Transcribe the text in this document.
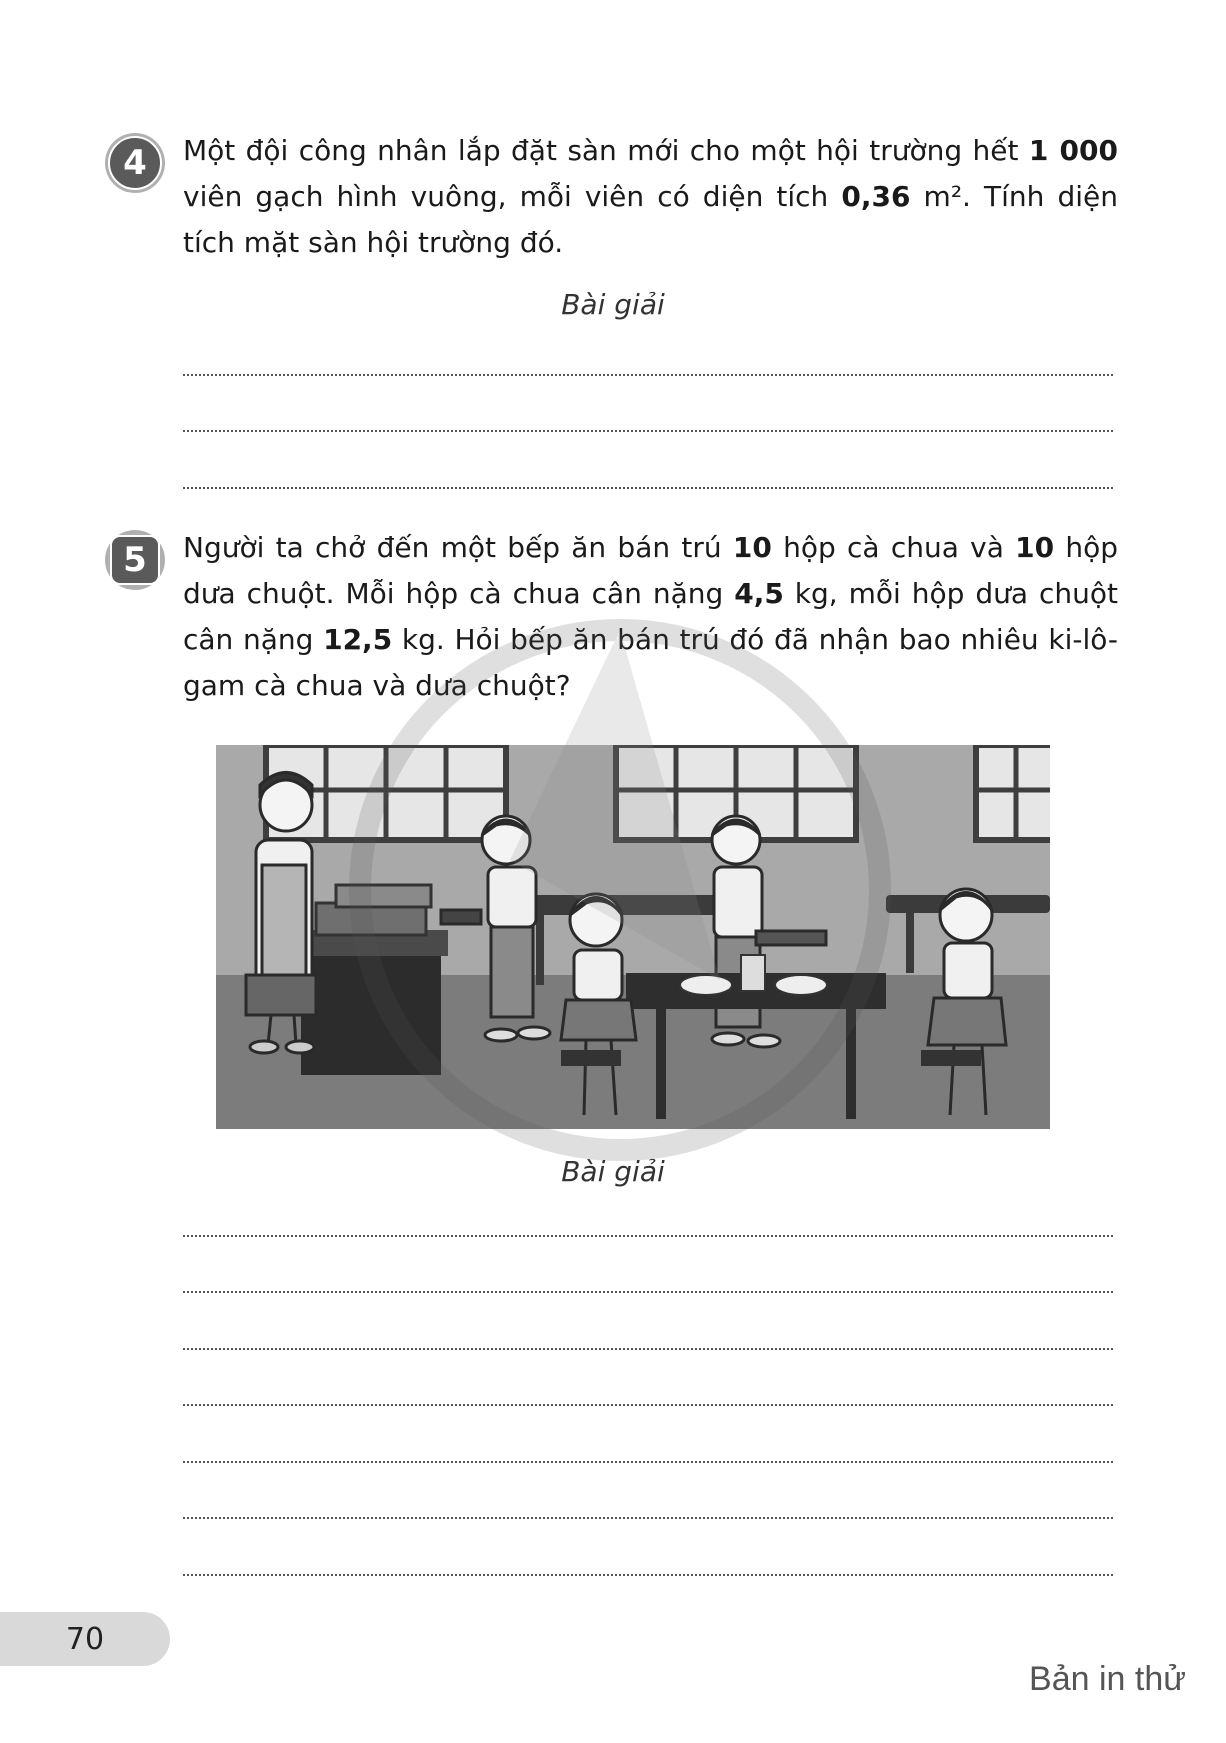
4	Một đội công nhân lắp đặt sàn mới cho một hội trường hết 1 000 viên gạch hình vuông, mỗi viên có diện tích 0,36 m². Tính diện tích mặt sàn hội trường đó.
Bài giải
5	Người ta chở đến một bếp ăn bán trú 10 hộp cà chua và 10 hộp dưa chuột. Mỗi hộp cà chua cân nặng 4,5 kg, mỗi hộp dưa chuột cân nặng 12,5 kg. Hỏi bếp ăn bán trú đó đã nhận bao nhiêu ki-lô-gam cà chua và dưa chuột?
Bài giải
70
Bản in thử
